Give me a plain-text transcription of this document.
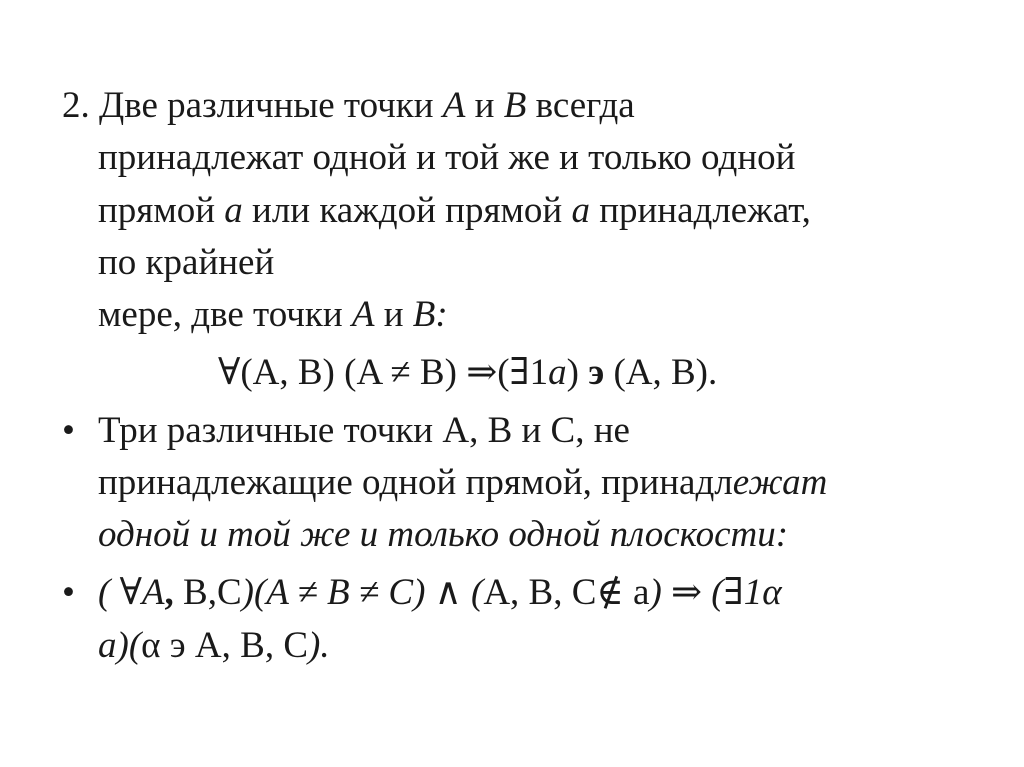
2. Две различные точки A и B всегда
принадлежат одной и той же и только одной
прямой a или каждой прямой a принадлежат,
по крайней
мере, две точки A и B:
∀(A, B) (A ≠ B) ⇒(∃1a) э (A, B).
• Три различные точки A, B и C, не
принадлежащие одной прямой, принадлежат
одной и той же и только одной плоскости:
• ( ∀A, B,C)(A ≠ B ≠ C) ∧ (A, B, C∉ a) ⇒ (∃1α
a)(α э A, B, C).
